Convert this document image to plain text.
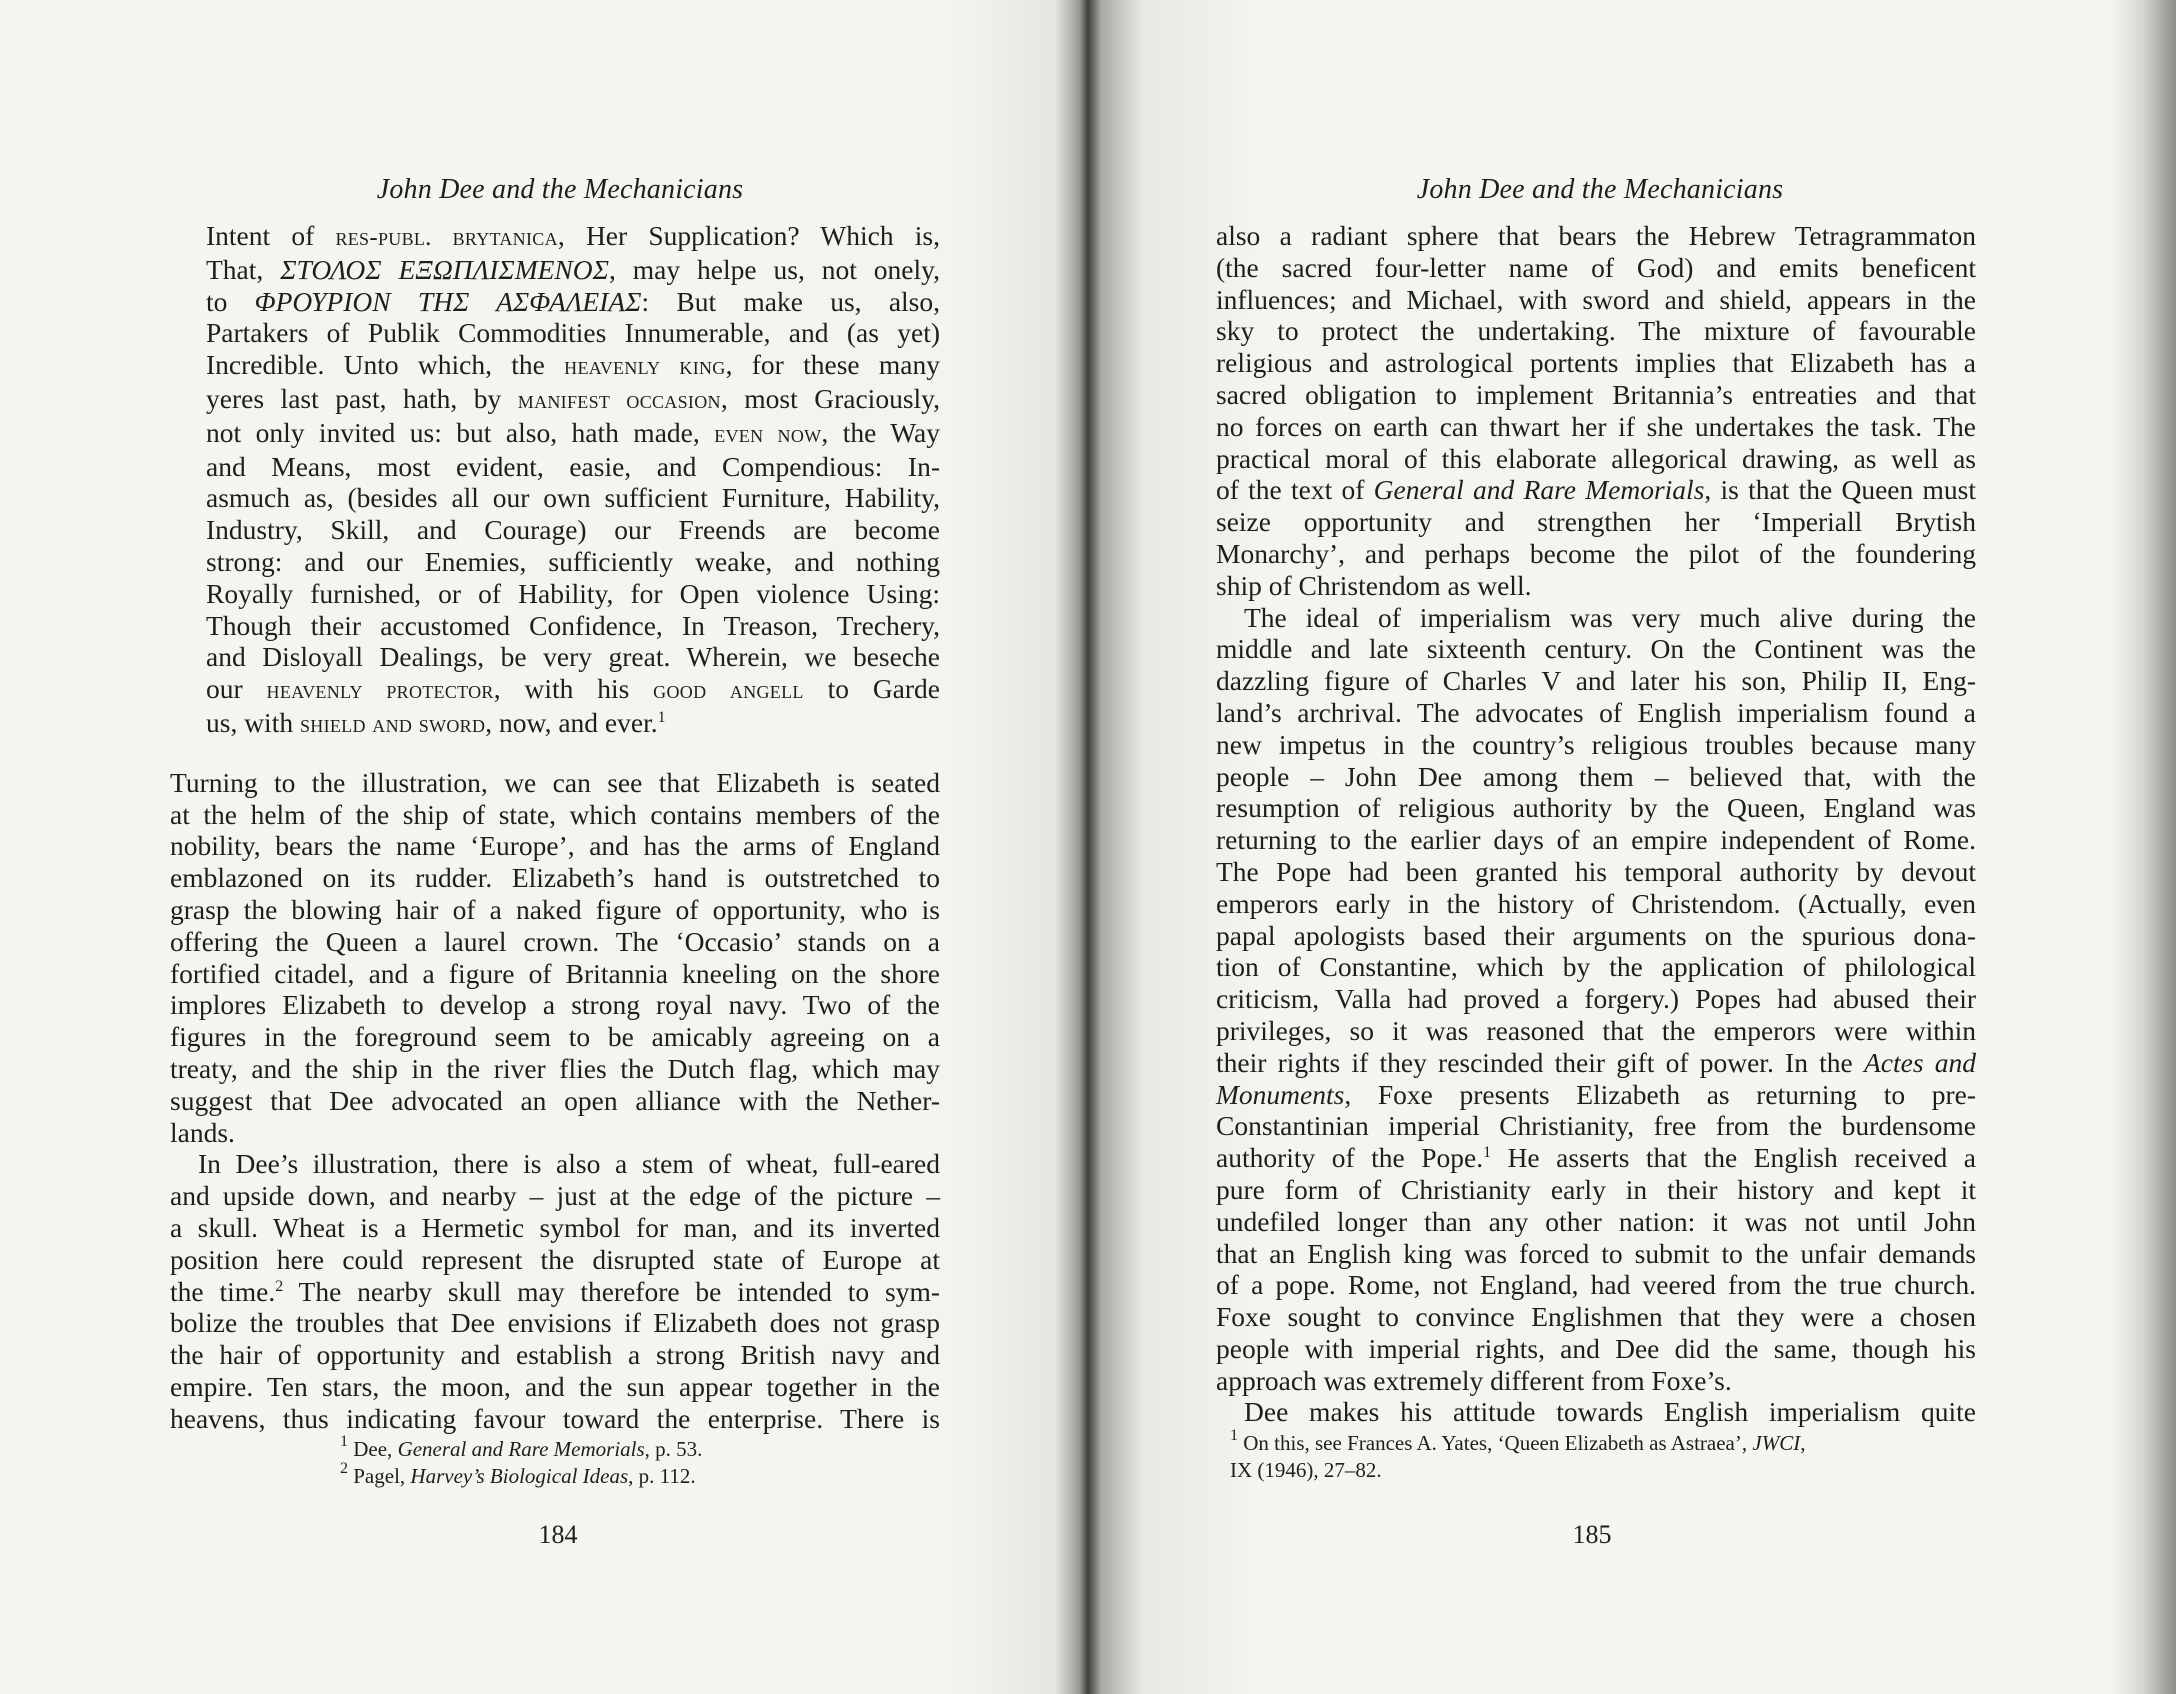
John Dee and the Mechanicians

Intent of res-publ. brytanica, Her Supplication? Which is,

That, ΣΤΟΛΟΣ ΕΞΩΠΛΙΣΜΕΝΟΣ, may helpe us, not onely,

to ΦΡΟΥΡΙΟΝ ΤΗΣ ΑΣΦΑΛΕΙΑΣ: But make us, also,

Partakers of Publik Commodities Innumerable, and (as yet)

Incredible. Unto which, the heavenly king, for these many

yeres last past, hath, by manifest occasion, most Graciously,

not only invited us: but also, hath made, even now, the Way

and Means, most evident, easie, and Compendious: In-

asmuch as, (besides all our own sufficient Furniture, Hability,

Industry, Skill, and Courage) our Freends are become

strong: and our Enemies, sufficiently weake, and nothing

Royally furnished, or of Hability, for Open violence Using:

Though their accustomed Confidence, In Treason, Trechery,

and Disloyall Dealings, be very great. Wherein, we beseche

our heavenly protector, with his good angell to Garde

us, with shield and sword, now, and ever.$^1$

Turning to the illustration, we can see that Elizabeth is seated

at the helm of the ship of state, which contains members of the

nobility, bears the name ‘Europe’, and has the arms of England

emblazoned on its rudder. Elizabeth’s hand is outstretched to

grasp the blowing hair of a naked figure of opportunity, who is

offering the Queen a laurel crown. The ‘Occasio’ stands on a

fortified citadel, and a figure of Britannia kneeling on the shore

implores Elizabeth to develop a strong royal navy. Two of the

figures in the foreground seem to be amicably agreeing on a

treaty, and the ship in the river flies the Dutch flag, which may

suggest that Dee advocated an open alliance with the Nether-

lands.

In Dee’s illustration, there is also a stem of wheat, full-eared

and upside down, and nearby – just at the edge of the picture –

a skull. Wheat is a Hermetic symbol for man, and its inverted

position here could represent the disrupted state of Europe at

the time.$^2$ The nearby skull may therefore be intended to sym-

bolize the troubles that Dee envisions if Elizabeth does not grasp

the hair of opportunity and establish a strong British navy and

empire. Ten stars, the moon, and the sun appear together in the

heavens, thus indicating favour toward the enterprise. There is

$^1$ Dee, General and Rare Memorials, p. 53.

$^2$ Pagel, Harvey’s Biological Ideas, p. 112.

184
John Dee and the Mechanicians

also a radiant sphere that bears the Hebrew Tetragrammaton

(the sacred four-letter name of God) and emits beneficent

influences; and Michael, with sword and shield, appears in the

sky to protect the undertaking. The mixture of favourable

religious and astrological portents implies that Elizabeth has a

sacred obligation to implement Britannia’s entreaties and that

no forces on earth can thwart her if she undertakes the task. The

practical moral of this elaborate allegorical drawing, as well as

of the text of General and Rare Memorials, is that the Queen must

seize opportunity and strengthen her ‘Imperiall Brytish

Monarchy’, and perhaps become the pilot of the foundering

ship of Christendom as well.

The ideal of imperialism was very much alive during the

middle and late sixteenth century. On the Continent was the

dazzling figure of Charles V and later his son, Philip II, Eng-

land’s archrival. The advocates of English imperialism found a

new impetus in the country’s religious troubles because many

people – John Dee among them – believed that, with the

resumption of religious authority by the Queen, England was

returning to the earlier days of an empire independent of Rome.

The Pope had been granted his temporal authority by devout

emperors early in the history of Christendom. (Actually, even

papal apologists based their arguments on the spurious dona-

tion of Constantine, which by the application of philological

criticism, Valla had proved a forgery.) Popes had abused their

privileges, so it was reasoned that the emperors were within

their rights if they rescinded their gift of power. In the Actes and

Monuments, Foxe presents Elizabeth as returning to pre-

Constantinian imperial Christianity, free from the burdensome

authority of the Pope.$^1$ He asserts that the English received a

pure form of Christianity early in their history and kept it

undefiled longer than any other nation: it was not until John

that an English king was forced to submit to the unfair demands

of a pope. Rome, not England, had veered from the true church.

Foxe sought to convince Englishmen that they were a chosen

people with imperial rights, and Dee did the same, though his

approach was extremely different from Foxe’s.

Dee makes his attitude towards English imperialism quite

$^1$ On this, see Frances A. Yates, ‘Queen Elizabeth as Astraea’, JWCI,

IX (1946), 27–82.

185
